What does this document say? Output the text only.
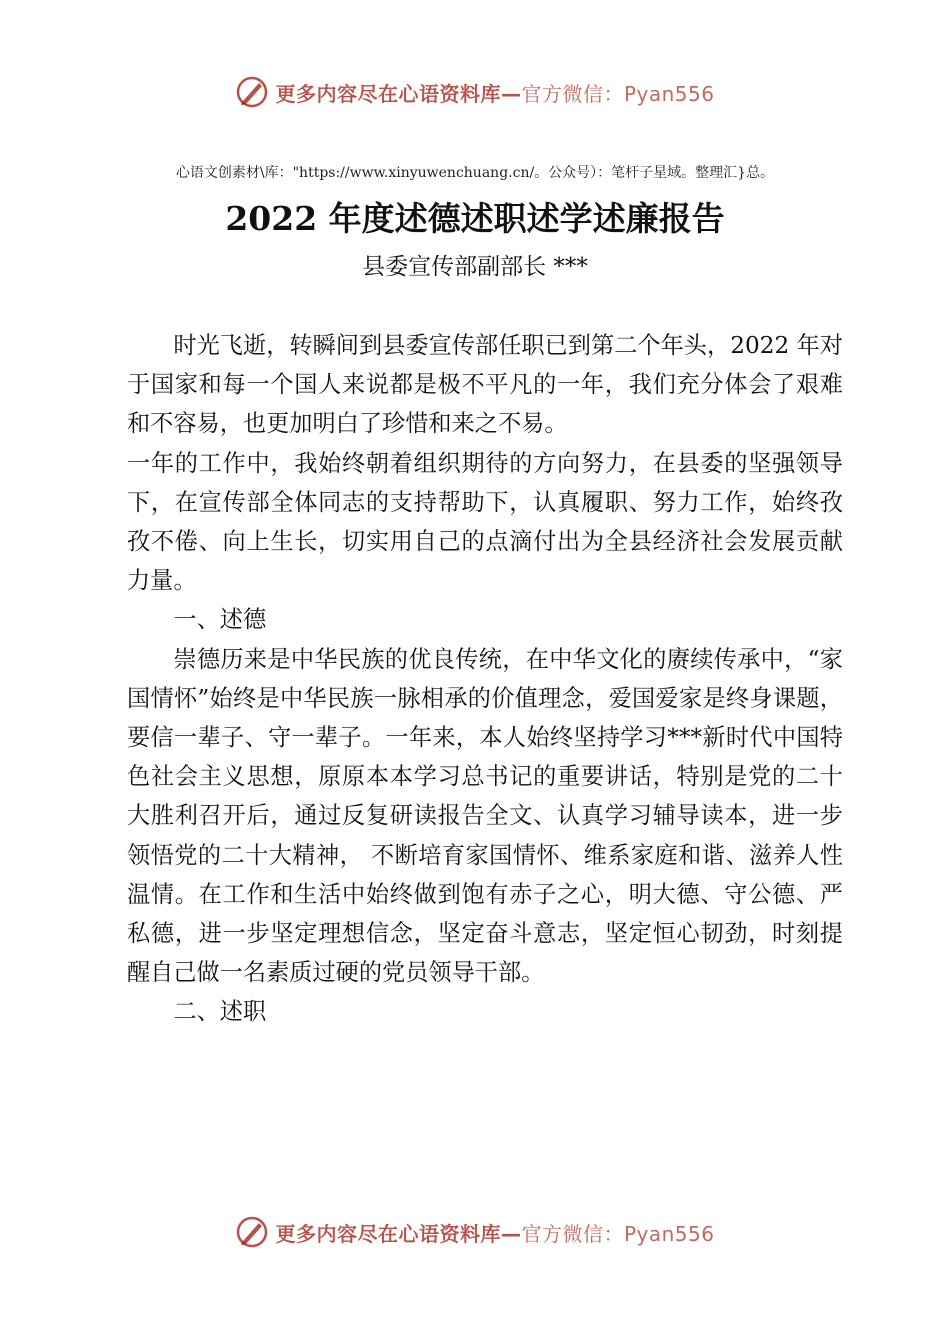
更多内容尽在心语资料库—官方微信：Pyan556
心语文创素材\库："https://www.xinyuwenchuang.cn/。公众号）：笔杆子星域。整理汇}总。
2022 年度述德述职述学述廉报告
县委宣传部副部长 ***

时光飞逝，转瞬间到县委宣传部任职已到第二个年头，2022 年对于国家和每一个国人来说都是极不平凡的一年，我们充分体会了艰难和不容易，也更加明白了珍惜和来之不易。

一年的工作中，我始终朝着组织期待的方向努力，在县委的坚强领导下，在宣传部全体同志的支持帮助下，认真履职、努力工作，始终孜孜不倦、向上生长，切实用自己的点滴付出为全县经济社会发展贡献力量。

一、述德

崇德历来是中华民族的优良传统，在中华文化的赓续传承中，“家国情怀”始终是中华民族一脉相承的价值理念，爱国爱家是终身课题，要信一辈子、守一辈子。一年来，本人始终坚持学习***新时代中国特色社会主义思想，原原本本学习总书记的重要讲话，特别是党的二十大胜利召开后，通过反复研读报告全文、认真学习辅导读本，进一步领悟党的二十大精神， 不断培育家国情怀、维系家庭和谐、滋养人性温情。在工作和生活中始终做到饱有赤子之心，明大德、守公德、严私德，进一步坚定理想信念，坚定奋斗意志，坚定恒心韧劲，时刻提醒自己做一名素质过硬的党员领导干部。

二、述职

更多内容尽在心语资料库—官方微信：Pyan556
